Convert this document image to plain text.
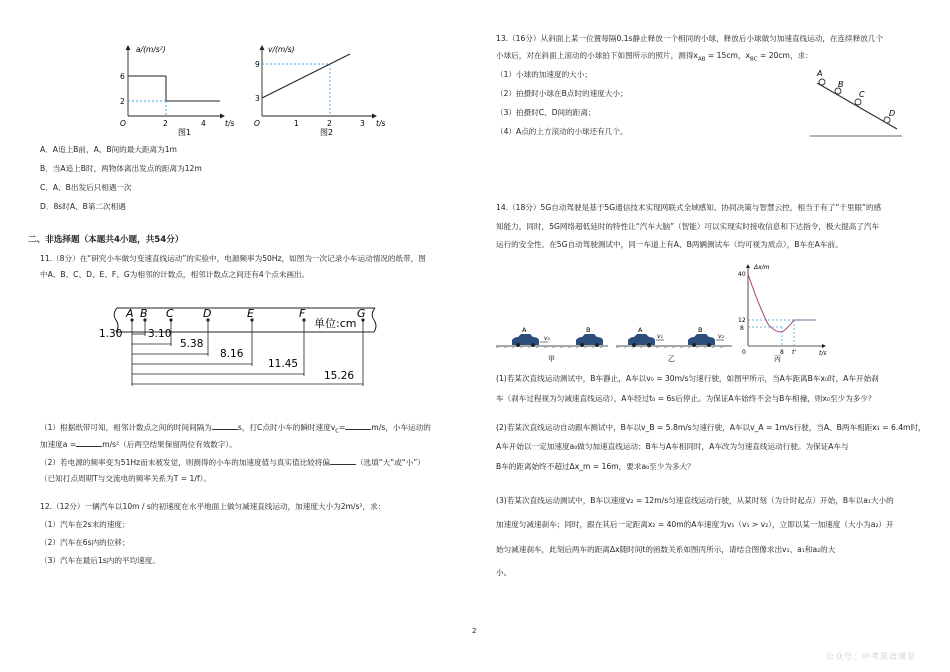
a/(m/s²)
t/s
6
2
2	4
O
图1
v/(m/s)
t/s
9
3
1	2	3
O
图2
A．A追上B前，A、B间的最大距离为1m
B．当A追上B时，两物体离出发点的距离为12m
C．A、B出发后只相遇一次
D．8s时A、B第二次相遇
二、非选择题（本题共4小题，共54分）
11.（8分）在“研究小车做匀变速直线运动”的实验中，电源频率为50Hz，如图为一次记录小车运动情况的纸带，图
中A、B、C、D、E、F、G为相邻的计数点，相邻计数点之间还有4个点未画出。
A B C	D	E	F	G
单位:cm
1.30 3.10
5.38
8.16
11.45
15.26
（1）根据纸带可知，相邻计数点之间的时间间隔为	s，打C点时小车的瞬时速度$v_C=$	m/s，小车运动的
加速度a =	m/s²（后两空结果保留两位有效数字）。
（2）若电源的频率变为51Hz而未被发觉，则测得的小车的加速度值与真实值比较将偏	（选填“大”或“小”）
（已知打点周期T与交流电的频率关系为T = 1/f）。
12.（12分）一辆汽车以10m / s的初速度在水平地面上做匀减速直线运动，加速度大小为2m/s²，求：
（1）汽车在2s末的速度；
（2）汽车在6s内的位移；
（3）汽车在最后1s内的平均速度。
13.（16分）从斜面上某一位置每隔0.1s静止释放一个相同的小球，释放后小球做匀加速直线运动，在连续释放几个
小球后，对在斜面上滚动的小球拍下如图所示的照片，测得$x_{AB} = 15cm$，$x_{BC} = 20cm$，求：
（1）小球的加速度的大小；
（2）拍摄时小球在B点时的速度大小；
（3）拍摄时C、D间的距离；
（4）A点的上方滚动的小球还有几个。
A
B
C
D
14.（18分）5G自动驾驶是基于5G通信技术实现网联式全域感知、协同决策与智慧云控，相当于有了“千里眼”的感
知能力，同时，5G网络超低延时的特性让“汽车大脑”（智能）可以实现实时接收信息和下达指令，极大提高了汽车
运行的安全性。在5G自动驾驶测试中，同一车道上有A、B两辆测试车（均可视为质点），B车在A车前。
A	B	A	B
v₀	v₁	v₂
甲	乙	丙
Δx/m
t/s
40
12
8
8 t'
0
(1)若某次直线运动测试中，B车静止，A车以v₀ = 30m/s匀速行驶，如图甲所示，当A车距离B车x₀时，A车开始刹
车（刹车过程视为匀减速直线运动），A车经过t₀ = 6s后停止。为保证A车始终不会与B车相撞，则x₀至少为多少？
(2)若某次直线运动自动跟车测试中，B车以v_B = 5.8m/s匀速行驶，A车以v_A = 1m/s行驶，当A、B两车相距x₁ = 6.4m时，
A车开始以一定加速度a₀做匀加速直线运动；B车与A车相同时，A车改为匀速直线运动行驶。为保证A车与
B车的距离始终不超过Δx_m = 16m，要求a₀至少为多大？
(3)若某次直线运动测试中，B车以速度v₂ = 12m/s匀速直线运动行驶，从某时刻（为计时起点）开始，B车以a₁大小的
加速度匀减速刹车；同时，跟在其后一定距离x₂ = 40m的A车速度为v₁（v₁ > v₂），立即以某一加速度（大小为a₂）开
始匀减速刹车，此刻后两车的距离Δx随时间t的函数关系如图丙所示，请结合图像求出v₁、a₁和a₂的大
小。
2
公众号：中考英语课堂
